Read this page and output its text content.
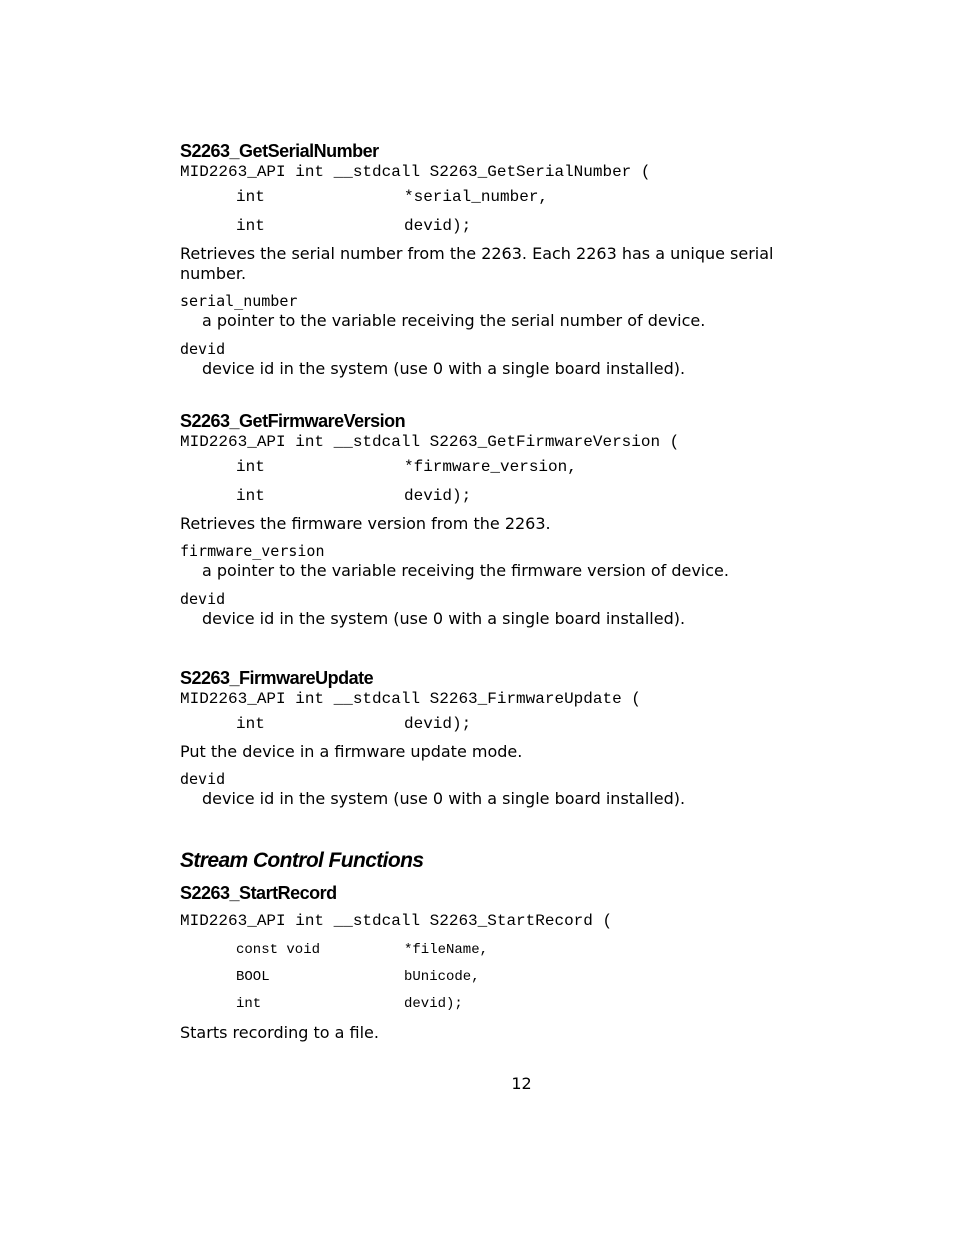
S2263_GetSerialNumber

MID2263_API int __stdcall S2263_GetSerialNumber (

int	*serial_number,
int	devid);

Retrieves the serial number from the 2263. Each 2263 has a unique serial number.

serial_number

a pointer to the variable receiving the serial number of device.

devid

device id in the system (use 0 with a single board installed).

S2263_GetFirmwareVersion

MID2263_API int __stdcall S2263_GetFirmwareVersion (

int	*firmware_version,
int	devid);

Retrieves the firmware version from the 2263.

firmware_version

a pointer to the variable receiving the firmware version of device.

devid

device id in the system (use 0 with a single board installed).

S2263_FirmwareUpdate

MID2263_API int __stdcall S2263_FirmwareUpdate (

int	devid);

Put the device in a firmware update mode.

devid

device id in the system (use 0 with a single board installed).

Stream Control Functions
S2263_StartRecord

MID2263_API int __stdcall S2263_StartRecord (

const void	*fileName,
BOOL	bUnicode,
int	devid);

Starts recording to a file.

12
